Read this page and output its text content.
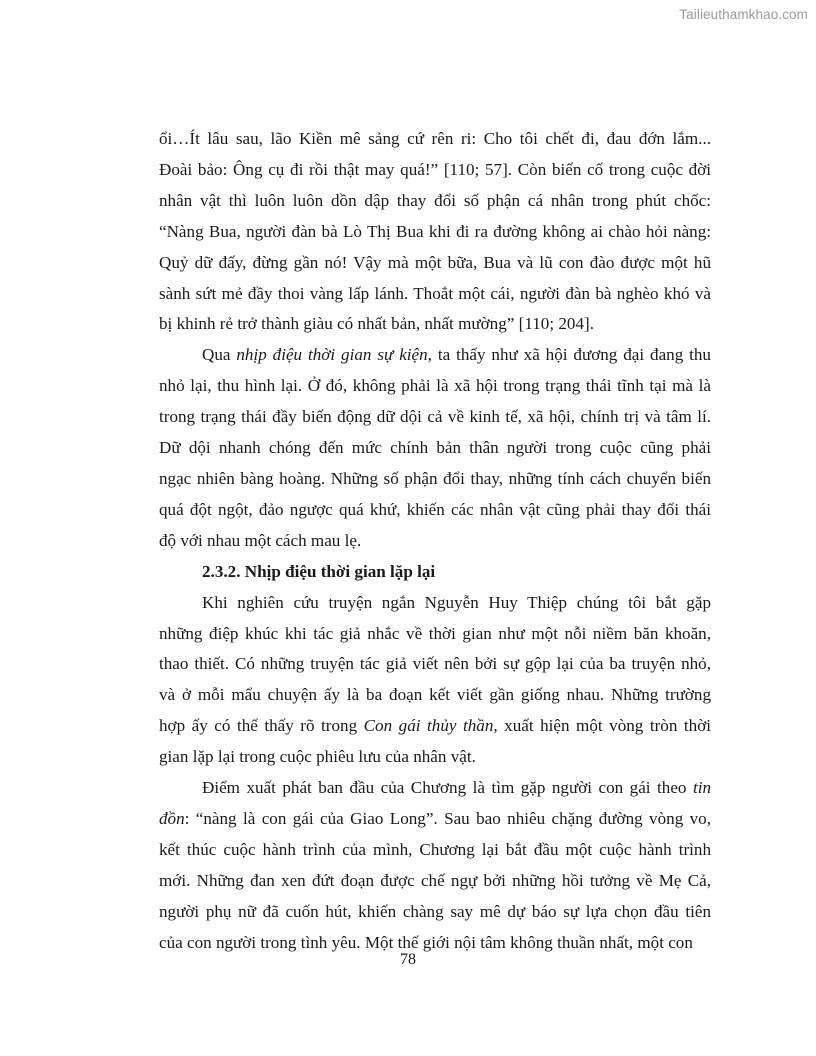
Tailieuthamkhao.com

ổi…Ít lâu sau, lão Kiền mê sảng cứ rên ri: Cho tôi chết đi, đau đớn lắm...

Đoài bảo: Ông cụ đi rồi thật may quá!” [110; 57]. Còn biến cố trong cuộc đời

nhân vật thì luôn luôn dồn dập thay đổi số phận cá nhân trong phút chốc:

“Nàng Bua, người đàn bà Lò Thị Bua khi đi ra đường không ai chào hỏi nàng:

Quỷ dữ đấy, đừng gần nó! Vậy mà một bữa, Bua và lũ con đào được một hũ

sành sứt mẻ đầy thoi vàng lấp lánh. Thoắt một cái, người đàn bà nghèo khó và

bị khinh rẻ trở thành giàu có nhất bản, nhất mường” [110; 204].

Qua nhịp điệu thời gian sự kiện, ta thấy như xã hội đương đại đang thu

nhỏ lại, thu hình lại. Ở đó, không phải là xã hội trong trạng thái tĩnh tại mà là

trong trạng thái đầy biến động dữ dội cả về kinh tế, xã hội, chính trị và tâm lí.

Dữ dội nhanh chóng đến mức chính bản thân người trong cuộc cũng phải

ngạc nhiên bàng hoàng. Những số phận đổi thay, những tính cách chuyển biến

quá đột ngột, đảo ngược quá khứ, khiến các nhân vật cũng phải thay đổi thái

độ với nhau một cách mau lẹ.

2.3.2. Nhịp điệu thời gian lặp lại

Khi nghiên cứu truyện ngắn Nguyễn Huy Thiệp chúng tôi bắt gặp

những điệp khúc khi tác giả nhắc về thời gian như một nỗi niềm băn khoăn,

thao thiết. Có những truyện tác giả viết nên bởi sự gộp lại của ba truyện nhỏ,

và ở mỗi mẩu chuyện ấy là ba đoạn kết viết gần giống nhau. Những trường

hợp ấy có thể thấy rõ trong Con gái thủy thần, xuất hiện một vòng tròn thời

gian lặp lại trong cuộc phiêu lưu của nhân vật.

Điểm xuất phát ban đầu của Chương là tìm gặp người con gái theo tin

đồn: “nàng là con gái của Giao Long”. Sau bao nhiêu chặng đường vòng vo,

kết thúc cuộc hành trình của mình, Chương lại bắt đầu một cuộc hành trình

mới. Những đan xen đứt đoạn được chế ngự bởi những hồi tưởng về Mẹ Cả,

người phụ nữ đã cuốn hút, khiến chàng say mê dự báo sự lựa chọn đầu tiên

của con người trong tình yêu. Một thế giới nội tâm không thuần nhất, một con

78
